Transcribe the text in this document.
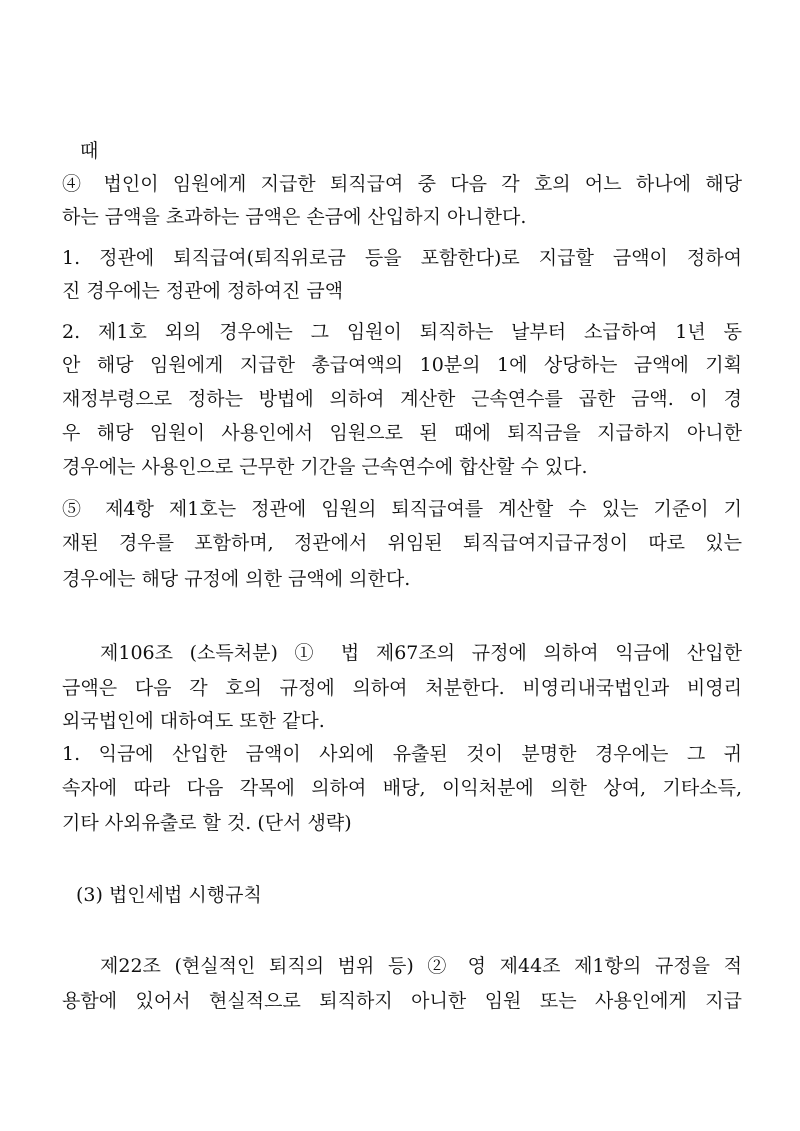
때
④ 법인이 임원에게 지급한 퇴직급여 중 다음 각 호의 어느 하나에 해당
하는 금액을 초과하는 금액은 손금에 산입하지 아니한다.
1. 정관에 퇴직급여(퇴직위로금 등을 포함한다)로 지급할 금액이 정하여
진 경우에는 정관에 정하여진 금액
2. 제1호 외의 경우에는 그 임원이 퇴직하는 날부터 소급하여 1년 동
안 해당 임원에게 지급한 총급여액의 10분의 1에 상당하는 금액에 기획
재정부령으로 정하는 방법에 의하여 계산한 근속연수를 곱한 금액. 이 경
우 해당 임원이 사용인에서 임원으로 된 때에 퇴직금을 지급하지 아니한
경우에는 사용인으로 근무한 기간을 근속연수에 합산할 수 있다.
⑤ 제4항 제1호는 정관에 임원의 퇴직급여를 계산할 수 있는 기준이 기
재된 경우를 포함하며, 정관에서 위임된 퇴직급여지급규정이 따로 있는
경우에는 해당 규정에 의한 금액에 의한다.
제106조 (소득처분) ① 법 제67조의 규정에 의하여 익금에 산입한
금액은 다음 각 호의 규정에 의하여 처분한다. 비영리내국법인과 비영리
외국법인에 대하여도 또한 같다.
1. 익금에 산입한 금액이 사외에 유출된 것이 분명한 경우에는 그 귀
속자에 따라 다음 각목에 의하여 배당, 이익처분에 의한 상여, 기타소득,
기타 사외유출로 할 것. (단서 생략)
(3) 법인세법 시행규칙
제22조 (현실적인 퇴직의 범위 등) ② 영 제44조 제1항의 규정을 적
용함에 있어서 현실적으로 퇴직하지 아니한 임원 또는 사용인에게 지급
